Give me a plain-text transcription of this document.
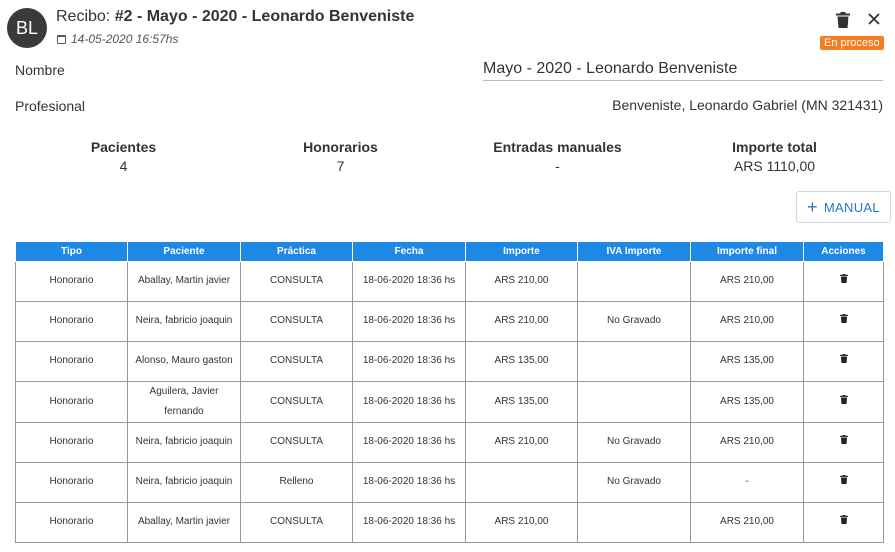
BL
Recibo: #2 - Mayo - 2020 - Leonardo Benveniste
14-05-2020 16:57hs	En proceso
Nombre
Mayo - 2020 - Leonardo Benveniste
Profesional	Benveniste, Leonardo Gabriel (MN 321431)
Pacientes
4
Honorarios
7
Entradas manuales
-
Importe total
ARS 1110,00
+ MANUAL
Tipo	Paciente	Práctica	Fecha	Importe	IVA Importe	Importe final	Acciones
Honorario	Aballay, Martin javier	CONSULTA	18-06-2020 18:36 hs	ARS 210,00		ARS 210,00	
Honorario	Neira, fabricio joaquin	CONSULTA	18-06-2020 18:36 hs	ARS 210,00	No Gravado	ARS 210,00	
Honorario	Alonso, Mauro gaston	CONSULTA	18-06-2020 18:36 hs	ARS 135,00		ARS 135,00	
Honorario	Aguilera, Javier fernando	CONSULTA	18-06-2020 18:36 hs	ARS 135,00		ARS 135,00	
Honorario	Neira, fabricio joaquin	CONSULTA	18-06-2020 18:36 hs	ARS 210,00	No Gravado	ARS 210,00	
Honorario	Neira, fabricio joaquin	Relleno	18-06-2020 18:36 hs		No Gravado	-	
Honorario	Aballay, Martin javier	CONSULTA	18-06-2020 18:36 hs	ARS 210,00		ARS 210,00	
